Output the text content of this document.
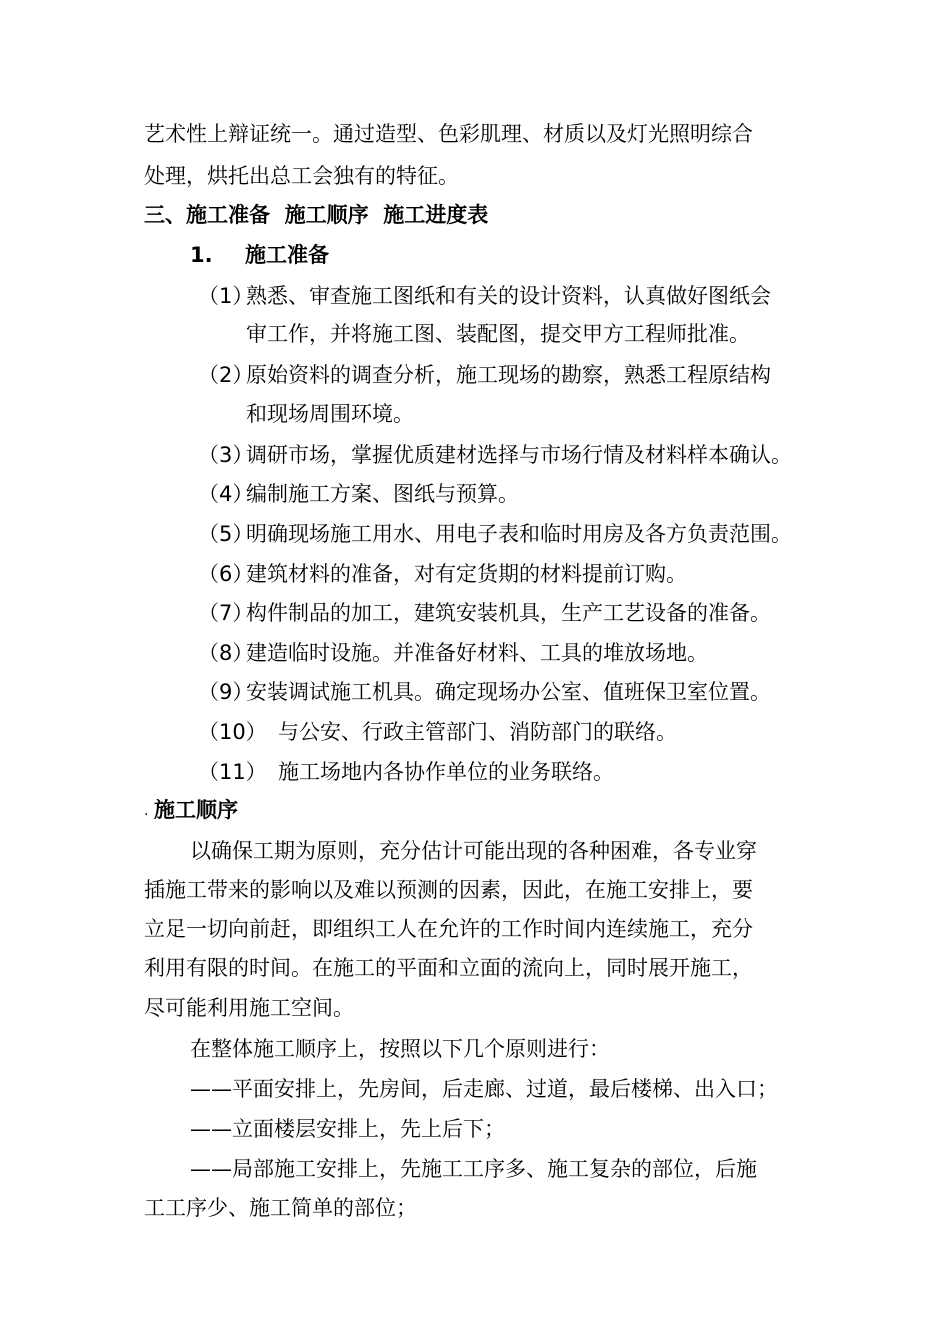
艺术性上辩证统一。通过造型、色彩肌理、材质以及灯光照明综合
处理，烘托出总工会独有的特征。
三、施工准备  施工顺序  施工进度表
1. 施工准备
（1）
熟悉、审查施工图纸和有关的设计资料，认真做好图纸会
审工作，并将施工图、装配图，提交甲方工程师批准。
（2）
原始资料的调查分析，施工现场的勘察，熟悉工程原结构
和现场周围环境。
（3）
调研市场，掌握优质建材选择与市场行情及材料样本确认。
（4）
编制施工方案、图纸与预算。
（5）
明确现场施工用水、用电子表和临时用房及各方负责范围。
（6）
建筑材料的准备，对有定货期的材料提前订购。
（7）
构件制品的加工，建筑安装机具，生产工艺设备的准备。
（8）
建造临时设施。并准备好材料、工具的堆放场地。
（9）
安装调试施工机具。确定现场办公室、值班保卫室位置。
（10） 与公安、行政主管部门、消防部门的联络。
（11） 施工场地内各协作单位的业务联络。
. 施工顺序
以确保工期为原则，充分估计可能出现的各种困难，各专业穿
插施工带来的影响以及难以预测的因素，因此，在施工安排上，要
立足一切向前赶，即组织工人在允许的工作时间内连续施工，充分
利用有限的时间。在施工的平面和立面的流向上，同时展开施工，
尽可能利用施工空间。
在整体施工顺序上，按照以下几个原则进行：
——平面安排上，先房间，后走廊、过道，最后楼梯、出入口；
——立面楼层安排上，先上后下；
——局部施工安排上，先施工工序多、施工复杂的部位，后施
工工序少、施工简单的部位；
